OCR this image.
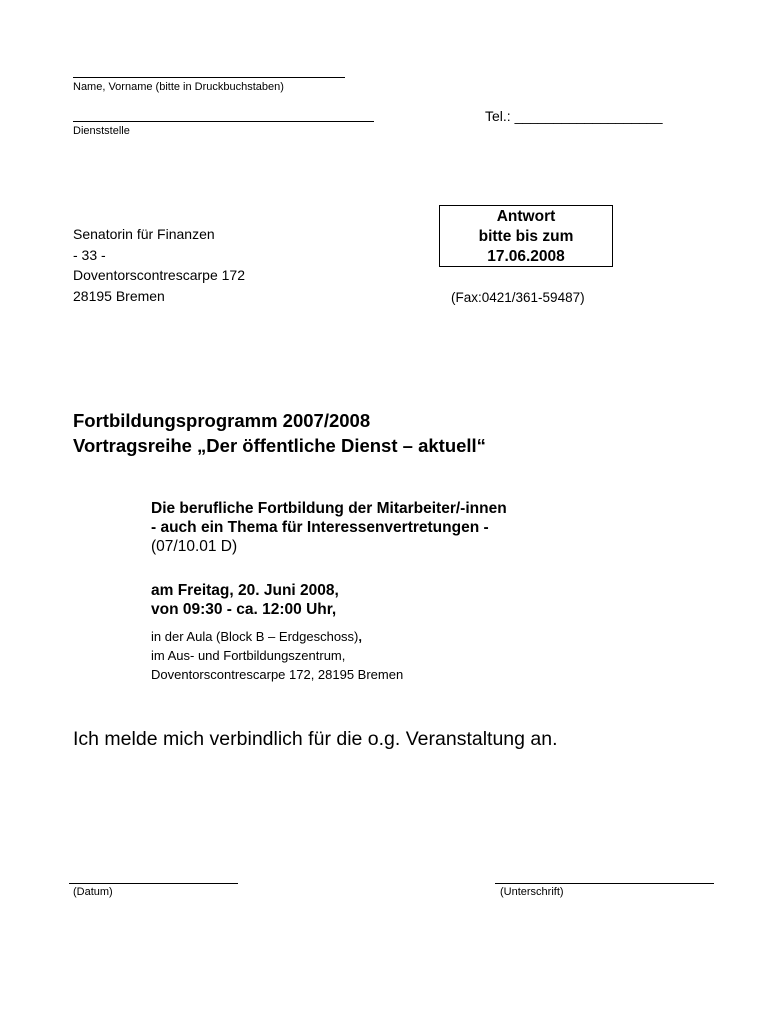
Name, Vorname (bitte in Druckbuchstaben)
Dienststelle
Tel.: ___________________
Senatorin für Finanzen
- 33 -
Doventorscontrescarpe 172
28195 Bremen
Antwort
bitte bis zum
17.06.2008
(Fax:0421/361-59487)
Fortbildungsprogramm 2007/2008
Vortragsreihe „Der öffentliche Dienst – aktuell“
Die berufliche Fortbildung der Mitarbeiter/-innen
- auch ein Thema für Interessenvertretungen -
(07/10.01 D)
am Freitag, 20. Juni 2008,
von 09:30 - ca. 12:00 Uhr,
in der Aula (Block B – Erdgeschoss),
im Aus- und Fortbildungszentrum,
Doventorscontrescarpe 172, 28195 Bremen
Ich melde mich verbindlich für die o.g. Veranstaltung an.
(Datum)	(Unterschrift)
